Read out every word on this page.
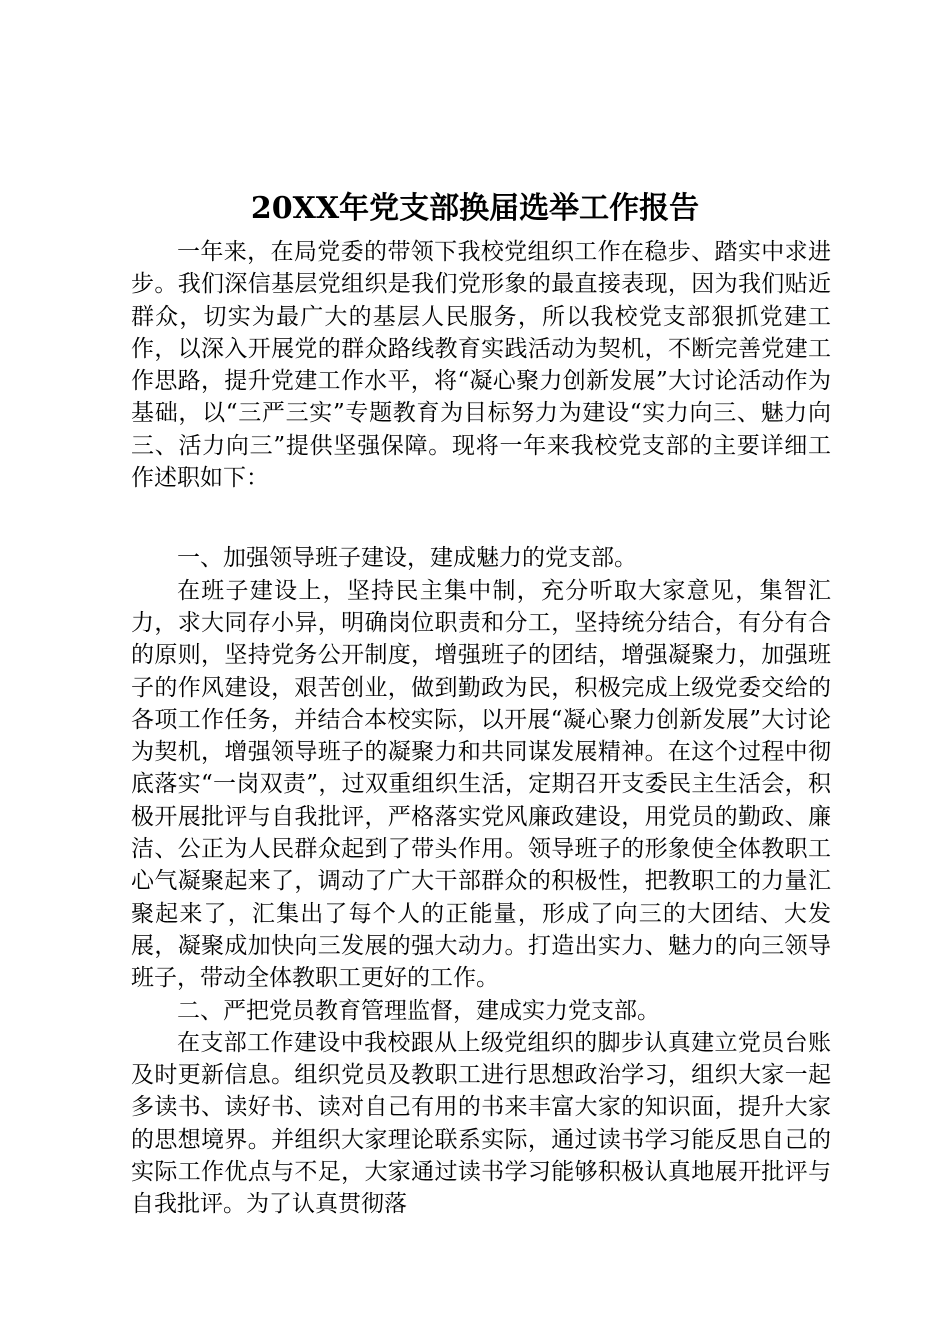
20XX年党支部换届选举工作报告

一年来，在局党委的带领下我校党组织工作在稳步、踏实中求进步。我们深信基层党组织是我们党形象的最直接表现，因为我们贴近群众，切实为最广大的基层人民服务，所以我校党支部狠抓党建工作，以深入开展党的群众路线教育实践活动为契机，不断完善党建工作思路，提升党建工作水平，将“凝心聚力创新发展”大讨论活动作为基础，以“三严三实”专题教育为目标努力为建设“实力向三、魅力向三、活力向三”提供坚强保障。现将一年来我校党支部的主要详细工作述职如下：

一、加强领导班子建设，建成魅力的党支部。

在班子建设上，坚持民主集中制，充分听取大家意见，集智汇力，求大同存小异，明确岗位职责和分工，坚持统分结合，有分有合的原则，坚持党务公开制度，增强班子的团结，增强凝聚力，加强班子的作风建设，艰苦创业，做到勤政为民，积极完成上级党委交给的各项工作任务，并结合本校实际，以开展“凝心聚力创新发展”大讨论为契机，增强领导班子的凝聚力和共同谋发展精神。在这个过程中彻底落实“一岗双责”，过双重组织生活，定期召开支委民主生活会，积极开展批评与自我批评，严格落实党风廉政建设，用党员的勤政、廉洁、公正为人民群众起到了带头作用。领导班子的形象使全体教职工心气凝聚起来了，调动了广大干部群众的积极性，把教职工的力量汇聚起来了，汇集出了每个人的正能量，形成了向三的大团结、大发展，凝聚成加快向三发展的强大动力。打造出实力、魅力的向三领导班子，带动全体教职工更好的工作。

二、严把党员教育管理监督，建成实力党支部。

在支部工作建设中我校跟从上级党组织的脚步认真建立党员台账及时更新信息。组织党员及教职工进行思想政治学习，组织大家一起多读书、读好书、读对自己有用的书来丰富大家的知识面，提升大家的思想境界。并组织大家理论联系实际，通过读书学习能反思自己的实际工作优点与不足，大家通过读书学习能够积极认真地展开批评与自我批评。为了认真贯彻落
